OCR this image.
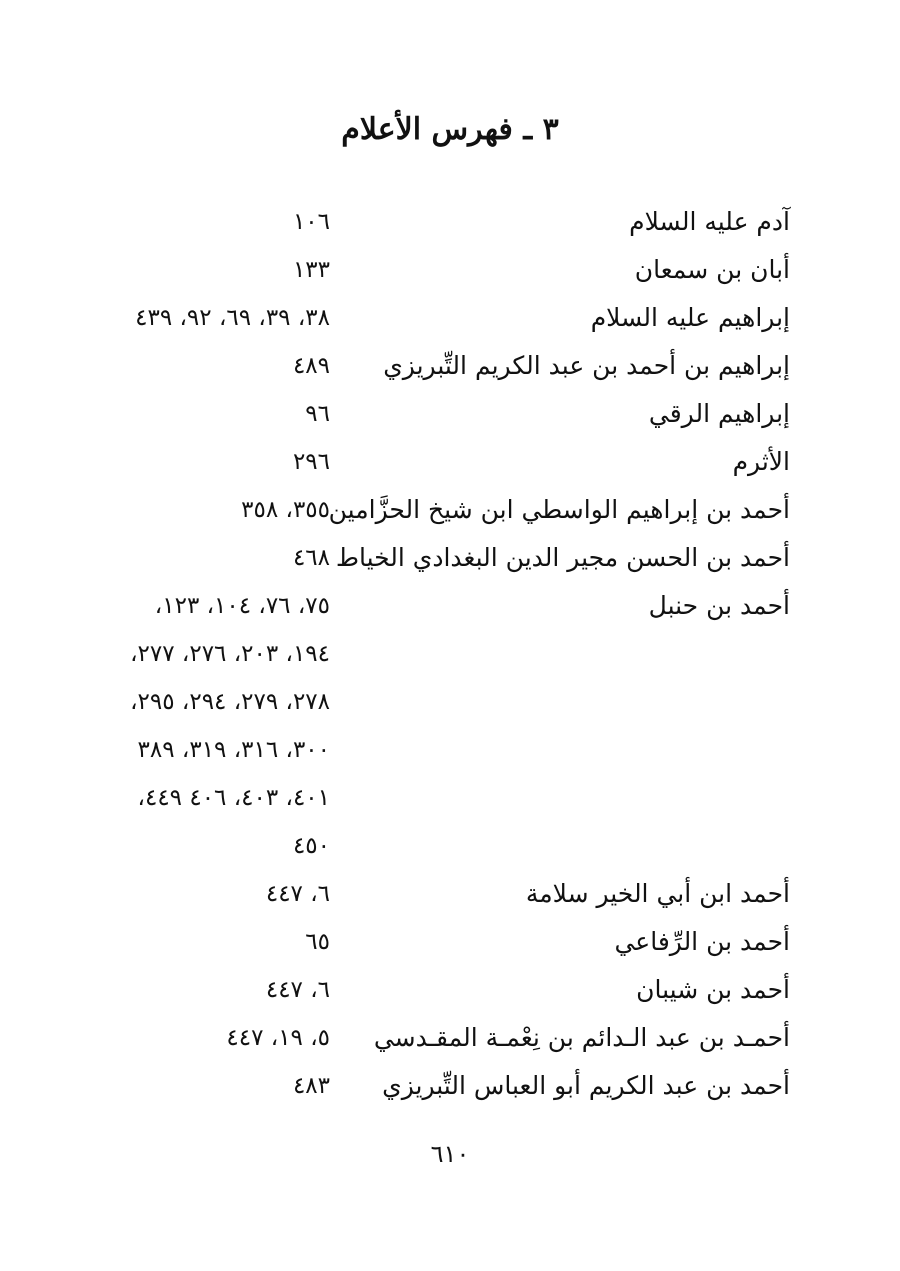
٣ ـ فهرس الأعلام
آدم عليه السلام
١٠٦
أبان بن سمعان
١٣٣
إبراهيم عليه السلام
٣٨، ٣٩، ٦٩، ٩٢، ٤٣٩
إبراهيم بن أحمد بن عبد الكريم التِّبريزي
٤٨٩
إبراهيم الرقي
٩٦
الأثرم
٢٩٦
أحمد بن إبراهيم الواسطي ابن شيخ الحزَّامين
٣٥٥، ٣٥٨
أحمد بن الحسن مجير الدين البغدادي الخياط
٤٦٨
أحمد بن حنبل
٧٥، ٧٦، ١٠٤، ١٢٣،
١٩٤، ٢٠٣، ٢٧٦، ٢٧٧،
٢٧٨، ٢٧٩، ٢٩٤، ٢٩٥،
٣٠٠، ٣١٦، ٣١٩، ٣٨٩
٤٠١، ٤٠٣، ٤٠٦ ٤٤٩،
٤٥٠
أحمد ابن أبي الخير سلامة
٦، ٤٤٧
أحمد بن الرِّفاعي
٦٥
أحمد بن شيبان
٦، ٤٤٧
أحمـد بن عبد الـدائم بن نِعْمـة المقـدسي
٥، ١٩، ٤٤٧
أحمد بن عبد الكريم أبو العباس التِّبريزي
٤٨٣
٦١٠
